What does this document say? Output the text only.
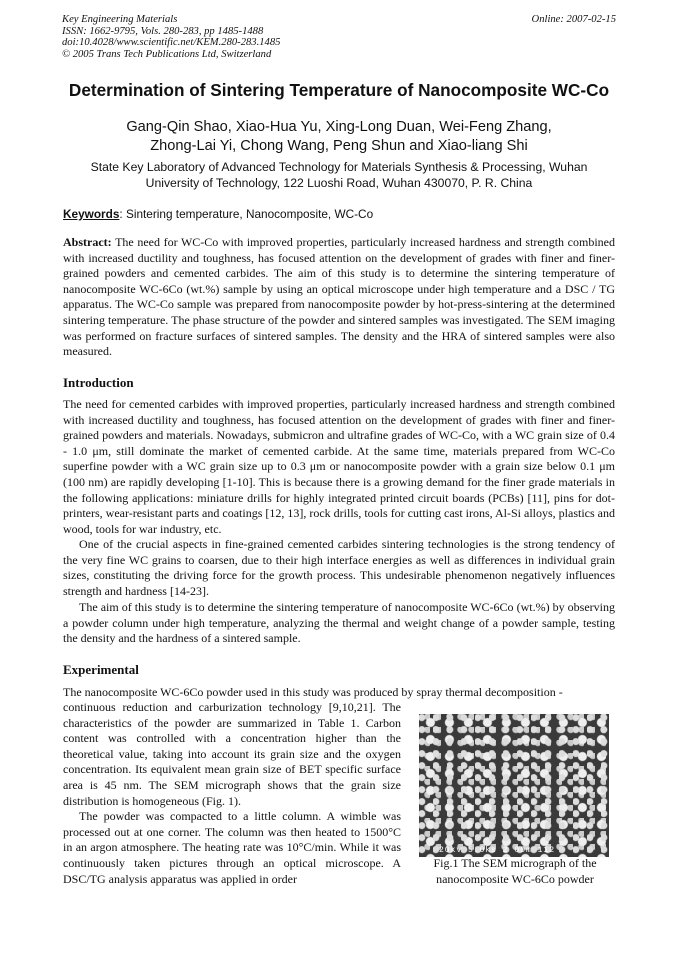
Key Engineering Materials
ISSN: 1662-9795, Vols. 280-283, pp 1485-1488
doi:10.4028/www.scientific.net/KEM.280-283.1485
© 2005 Trans Tech Publications Ltd, Switzerland
Online: 2007-02-15
Determination of Sintering Temperature of Nanocomposite WC-Co
Gang-Qin Shao, Xiao-Hua Yu, Xing-Long Duan, Wei-Feng Zhang,
Zhong-Lai Yi, Chong Wang, Peng Shun and Xiao-liang Shi
State Key Laboratory of Advanced Technology for Materials Synthesis & Processing, Wuhan
University of Technology, 122 Luoshi Road, Wuhan 430070, P. R. China
Keywords: Sintering temperature, Nanocomposite, WC-Co

Abstract: The need for WC-Co with improved properties, particularly increased hardness and strength combined with increased ductility and toughness, has focused attention on the development of grades with finer and finer-grained powders and cemented carbides. The aim of this study is to determine the sintering temperature of nanocomposite WC-6Co (wt.%) sample by using an optical microscope under high temperature and a DSC / TG apparatus. The WC-Co sample was prepared from nanocomposite powder by hot-press-sintering at the determined sintering temperature. The phase structure of the powder and sintered samples was investigated. The SEM imaging was performed on fracture surfaces of sintered samples. The density and the HRA of sintered samples were also measured.

Introduction

The need for cemented carbides with improved properties, particularly increased hardness and strength combined with increased ductility and toughness, has focused attention on the development of grades with finer and finer-grained powders and materials. Nowadays, submicron and ultrafine grades of WC-Co, with a WC grain size of 0.4 - 1.0 μm, still dominate the market of cemented carbide. At the same time, materials prepared from WC-Co superfine powder with a WC grain size up to 0.3 μm or nanocomposite powder with a grain size below 0.1 μm (100 nm) are rapidly developing [1-10]. This is because there is a growing demand for the finer grade materials in the following applications: miniature drills for highly integrated printed circuit boards (PCBs) [11], pins for dot-printers, wear-resistant parts and coatings [12, 13], rock drills, tools for cutting cast irons, Al-Si alloys, plastics and wood, tools for war industry, etc.

One of the crucial aspects in fine-grained cemented carbides sintering technologies is the strong tendency of the very fine WC grains to coarsen, due to their high interface energies as well as differences in individual grain sizes, constituting the driving force for the growth process. This undesirable phenomenon negatively influences strength and hardness [14-23].

The aim of this study is to determine the sintering temperature of nanocomposite WC-6Co (wt.%) by observing a powder column under high temperature, analyzing the thermal and weight change of a powder sample, testing the density and the hardness of a sintered sample.

Experimental

The nanocomposite WC-6Co powder used in this study was produced by spray thermal decomposition -

continuous reduction and carburization technology [9,10,21]. The characteristics of the powder are summarized in Table 1. Carbon content was controlled with a concentration higher than the theoretical value, taking into account its grain size and the oxygen concentration. Its equivalent mean grain size of BET specific surface area is 45 nm. The SEM micrograph shows that the grain size distribution is homogeneous (Fig. 1).

The powder was compacted to a little column. A wimble was processed out at one corner. The column was then heated to 1500°C in an argon atmosphere. The heating rate was 10°C/min. While it was continuously taken pictures through an optical microscope. A DSC/TG analysis apparatus was applied in order

20kv 5.0ks 2 00m 112
Fig.1 The SEM micrograph of the
nanocomposite WC-6Co powder
